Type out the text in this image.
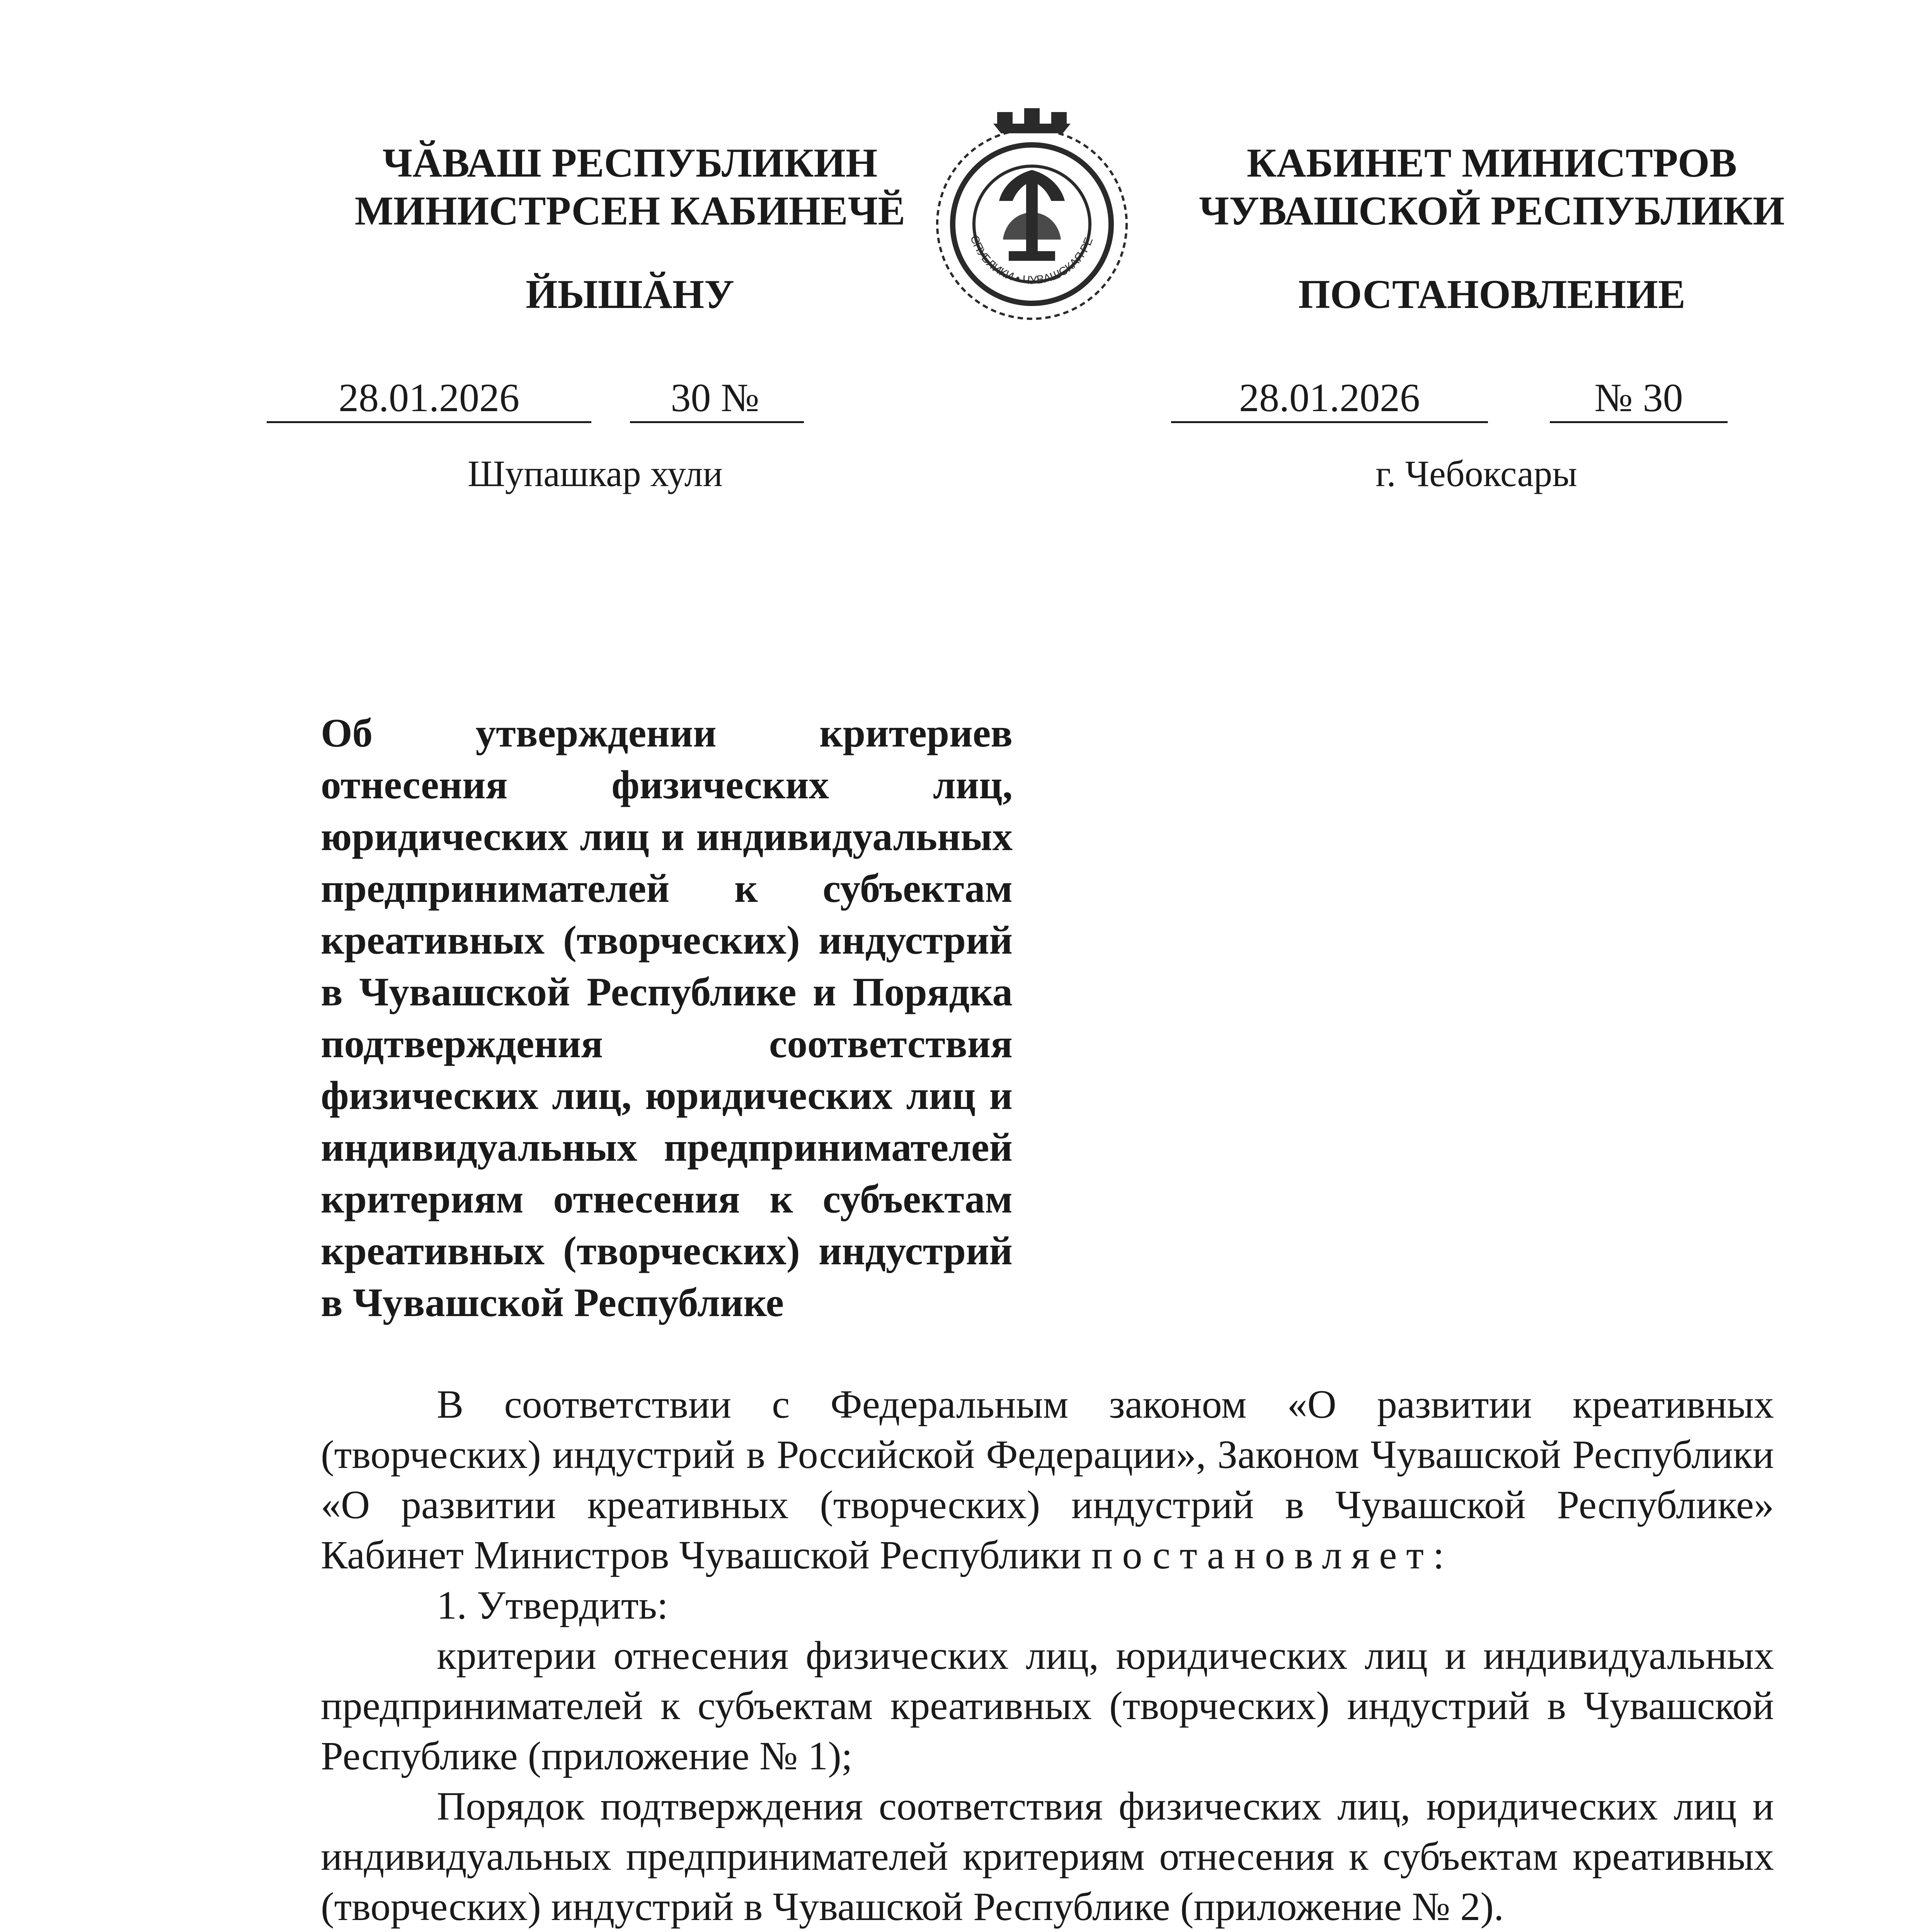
ЧӐВАШ РЕСПУБЛИКИН
МИНИСТРСЕН КАБИНЕЧӖ
ЙЫШӐНУ
КАБИНЕТ МИНИСТРОВ
ЧУВАШСКОЙ РЕСПУБЛИКИ
ПОСТАНОВЛЕНИЕ
СПУБЛИКИ • ЧУВАШСКАЯ РЕ
28.01.2026	30 №
Шупашкар хули
28.01.2026	№ 30
г. Чебоксары
Об утверждении критериев отнесения физических лиц, юридических лиц и индивидуальных предпринимателей к субъектам креативных (творческих) индустрий в Чувашской Республике и Порядка подтверждения соответствия физических лиц, юридических лиц и индивидуальных предпринимателей критериям отнесения к субъектам креативных (творческих) индустрий в Чувашской Республике

В соответствии с Федеральным законом «О развитии креативных (творческих) индустрий в Российской Федерации», Законом Чувашской Республики «О развитии креативных (творческих) индустрий в Чувашской Республике» Кабинет Министров Чувашской Республики постановляет:

1. Утвердить:

критерии отнесения физических лиц, юридических лиц и индивидуальных предпринимателей к субъектам креативных (творческих) индустрий в Чувашской Республике (приложение № 1);

Порядок подтверждения соответствия физических лиц, юридических лиц и индивидуальных предпринимателей критериям отнесения к субъектам креативных (творческих) индустрий в Чувашской Республике (приложение № 2).
